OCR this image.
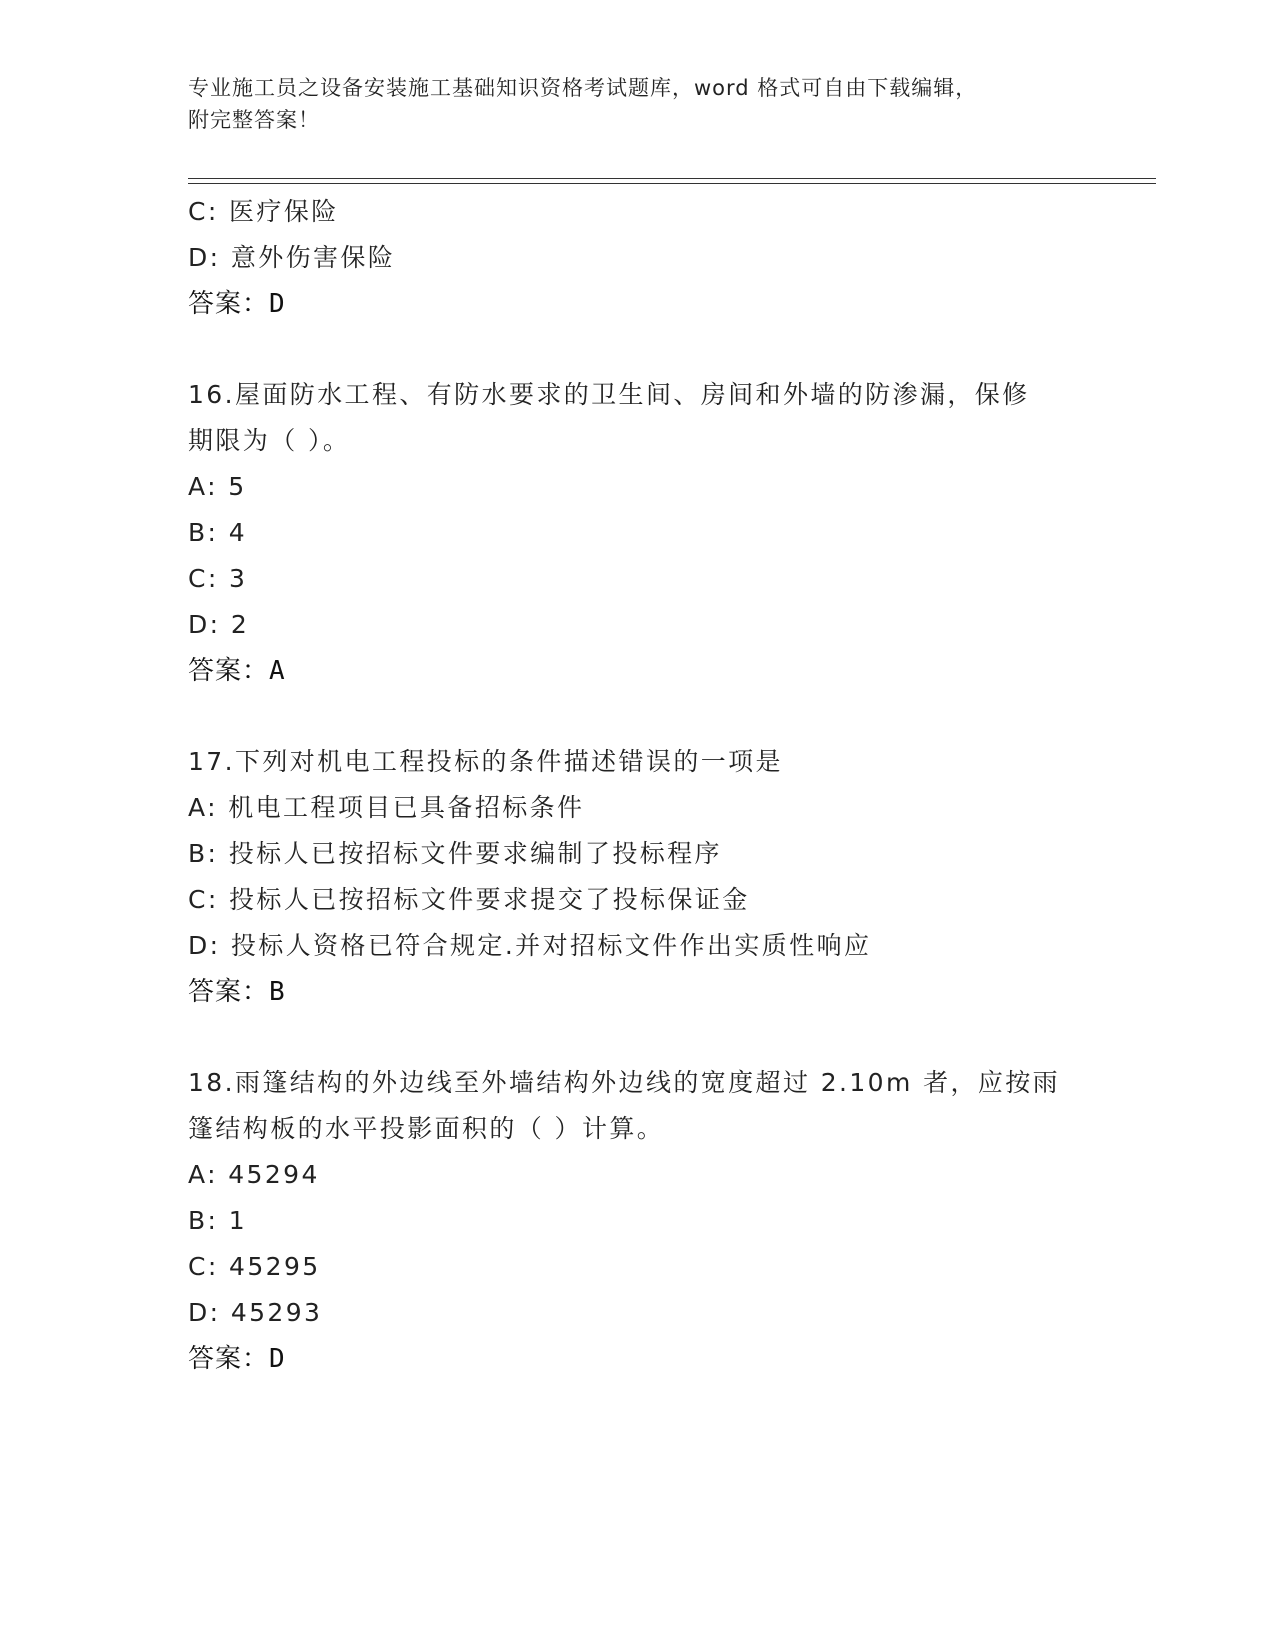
专业施工员之设备安装施工基础知识资格考试题库，word 格式可自由下载编辑，
附完整答案！
C: 医疗保险
D: 意外伤害保险
答案：D
16.屋面防水工程、有防水要求的卫生间、房间和外墙的防渗漏，保修
期限为（ ）。
A: 5
B: 4
C: 3
D: 2
答案：A
17.下列对机电工程投标的条件描述错误的一项是
A: 机电工程项目已具备招标条件
B: 投标人已按招标文件要求编制了投标程序
C: 投标人已按招标文件要求提交了投标保证金
D: 投标人资格已符合规定.并对招标文件作出实质性响应
答案：B
18.雨篷结构的外边线至外墙结构外边线的宽度超过 2.10m 者，应按雨
篷结构板的水平投影面积的（ ）计算。
A: 45294
B: 1
C: 45295
D: 45293
答案：D
